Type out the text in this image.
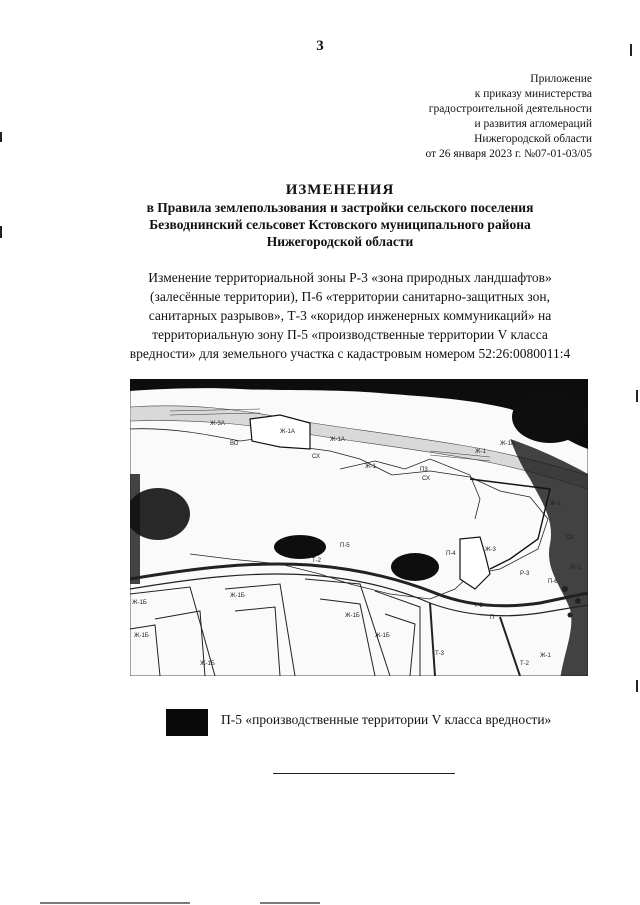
3
Приложение
к приказу министерства
градостроительной деятельности
и развития агломераций
Нижегородской области
от 26 января 2023 г. №07-01-03/05
ИЗМЕНЕНИЯ
в Правила землепользования и застройки сельского поселения
Безводнинский сельсовет Кстовского муниципального района
Нижегородской области
Изменение территориальной зоны Р-3 «зона природных ландшафтов»
(залесённые территории), П-6 «территории санитарно-защитных зон,
санитарных разрывов», Т-3 «коридор инженерных коммуникаций» на
территориальную зону П-5 «производственные территории V класса
вредности» для земельного участка с кадастровым номером 52:26:0080011:4
Ж-3А
Ж-1А
Ж-1А
Ж-1А
ВО
СХ
Ж-1
Ж-1
П3
СХ
Ж-1
СХ
П-5
П-4
Ж-3
Р-3
Т-2
Ж-1Б
Ж-1Б
Ж-1Б
Ж-1Б	Ж-1Б
Ж-1Б
Т-3
Т-2
П
Т-2
П-6
Ж-1
Ж-1
П-5 «производственные территории V класса вредности»
